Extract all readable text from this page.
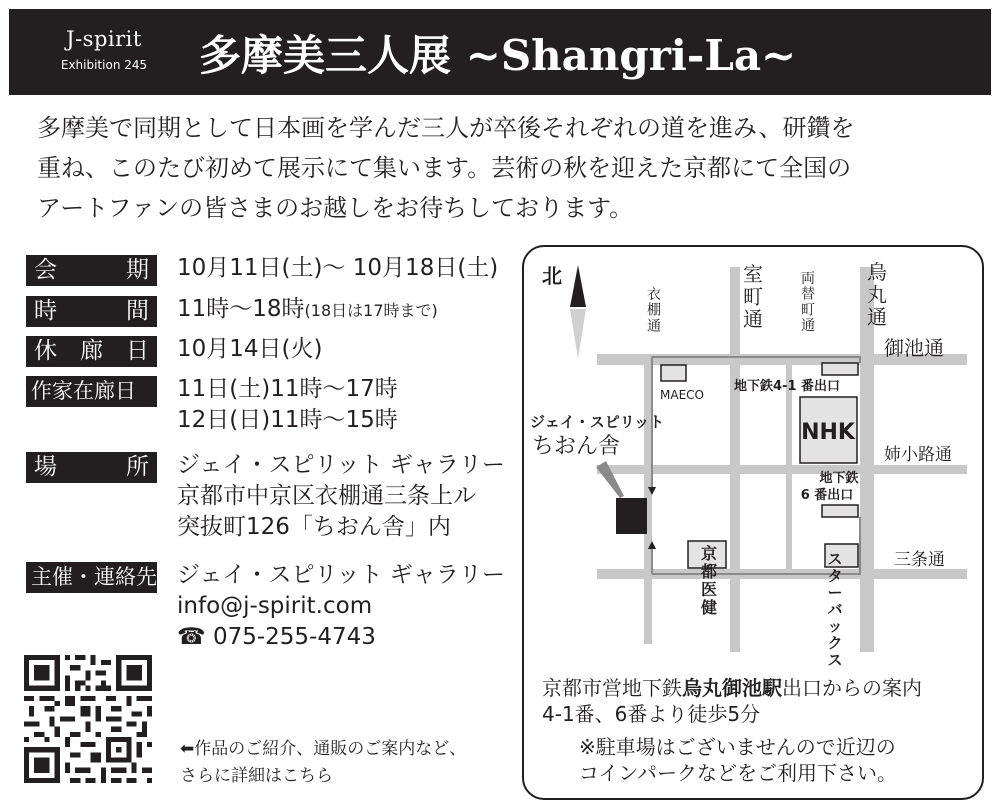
J-spirit
Exhibition 245	多摩美三人展 ~Shangri-La~

多摩美で同期として日本画を学んだ三人が卒後それぞれの道を進み、研鑽を

重ね、このたび初めて展示にて集います。芸術の秋を迎えた京都にて全国の

アートファンの皆さまのお越しをお待ちしております。

会	期 10月11日(土)〜 10月18日(土)
時	間 11時〜18時(18日は17時まで)
休 廊 日 10月14日(火)
作家在廊日	11日(土)11時〜17時
12日(日)11時〜15時
場	所 ジェイ・スピリット ギャラリー
京都市中京区衣棚通三条上ル
突抜町126「ちおん舎」内
主催・連絡先 ジェイ・スピリット ギャラリー
info@j-spirit.com
☎ 075-255-4743
⬅作品のご紹介、通販のご案内など、
さらに詳細はこちら
北
衣棚通
室町通
両替町通
烏丸通
御池通
姉小路通
三条通
MAECO
地下鉄4-1 番出口
NHK
地下鉄
6 番出口
ジェイ・スピリット
ちおん舎
京都医健
スターバックス
京都市営地下鉄烏丸御池駅出口からの案内
4-1番、6番より徒歩5分
※駐車場はございませんので近辺の
コインパークなどをご利用下さい。
